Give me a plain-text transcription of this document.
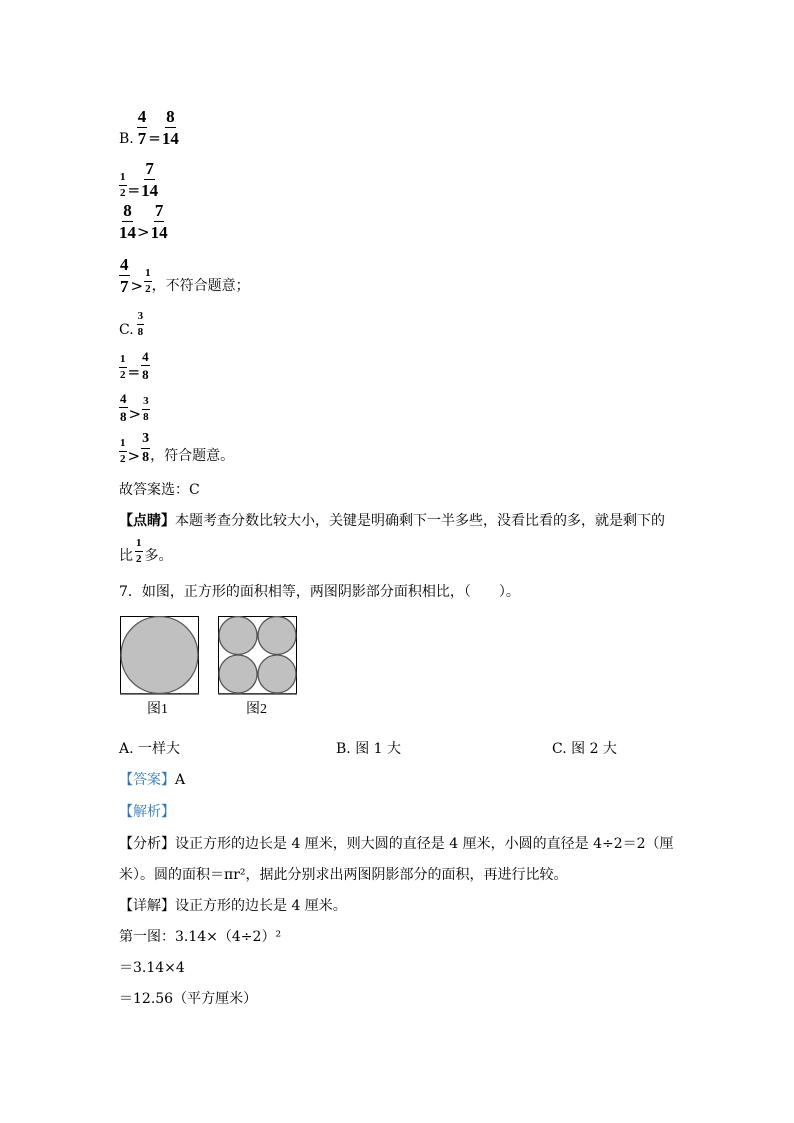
B. $\frac{4}{7} = \frac{8}{14}$
$\frac{1}{2} = \frac{7}{14}$
$\frac{8}{14} > \frac{7}{14}$
$\frac{4}{7} > \frac{1}{2}$ ，不符合题意；
C. $\frac{3}{8}$
$\frac{1}{2} = \frac{4}{8}$
$\frac{4}{8} > \frac{3}{8}$
$\frac{1}{2} > \frac{3}{8}$ ，符合题意。
故答案选：C
【点睛】本题考查分数比较大小，关键是明确剩下一半多些，没看比看的多，就是剩下的
比 $\frac{1}{2}$ 多。
7．如图，正方形的面积相等，两图阴影部分面积相比，（　　）。
图1	图2
A. 一样大	B. 图 1 大	C. 图 2 大
【答案】A
【解析】
【分析】设正方形的边长是 4 厘米，则大圆的直径是 4 厘米，小圆的直径是 4÷2＝2（厘
米）。圆的面积＝πr²，据此分别求出两图阴影部分的面积，再进行比较。
【详解】设正方形的边长是 4 厘米。
第一图：3.14×（4÷2）²
＝3.14×4
＝12.56（平方厘米）
